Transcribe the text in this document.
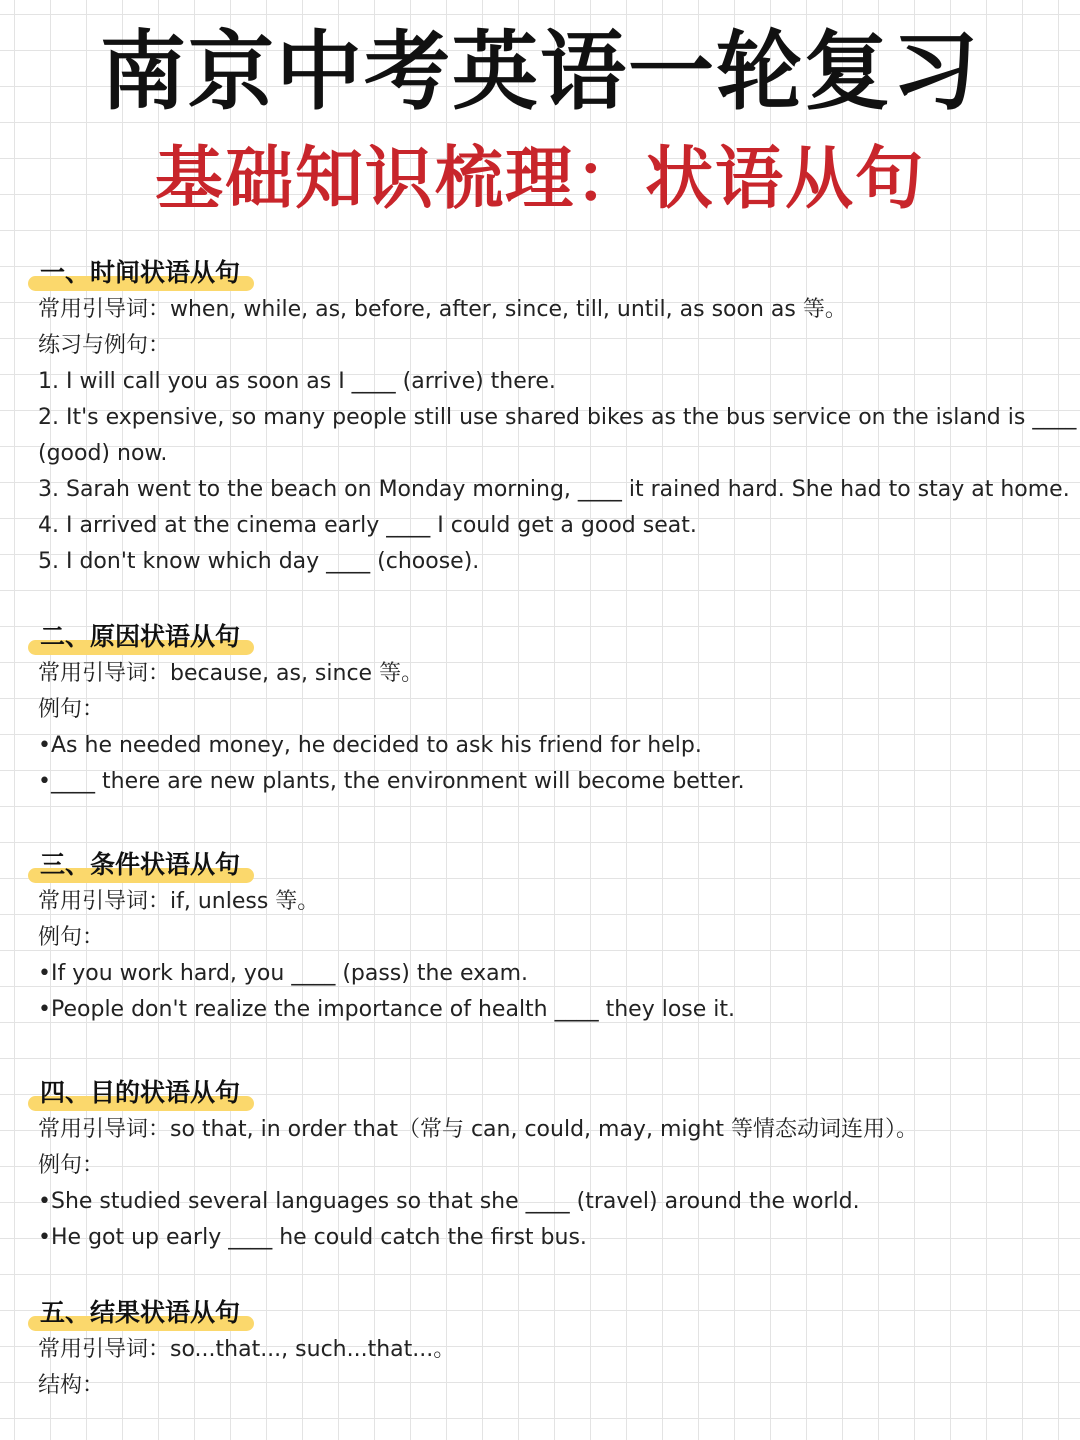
南京中考英语一轮复习
基础知识梳理：状语从句
一、时间状语从句
常用引导词：when, while, as, before, after, since, till, until, as soon as 等。
练习与例句：
1. I will call you as soon as I ____ (arrive) there.
2. It's expensive, so many people still use shared bikes as the bus service on the island is ____
(good) now.
3. Sarah went to the beach on Monday morning, ____ it rained hard. She had to stay at home.
4. I arrived at the cinema early ____ I could get a good seat.
5. I don't know which day ____ (choose).
二、原因状语从句
常用引导词：because, as, since 等。
例句：
•As he needed money, he decided to ask his friend for help.
•____ there are new plants, the environment will become better.
三、条件状语从句
常用引导词：if, unless 等。
例句：
•If you work hard, you ____ (pass) the exam.
•People don't realize the importance of health ____ they lose it.
四、目的状语从句
常用引导词：so that, in order that（常与 can, could, may, might 等情态动词连用）。
例句：
•She studied several languages so that she ____ (travel) around the world.
•He got up early ____ he could catch the first bus.
五、结果状语从句
常用引导词：so...that..., such...that...。
结构：
